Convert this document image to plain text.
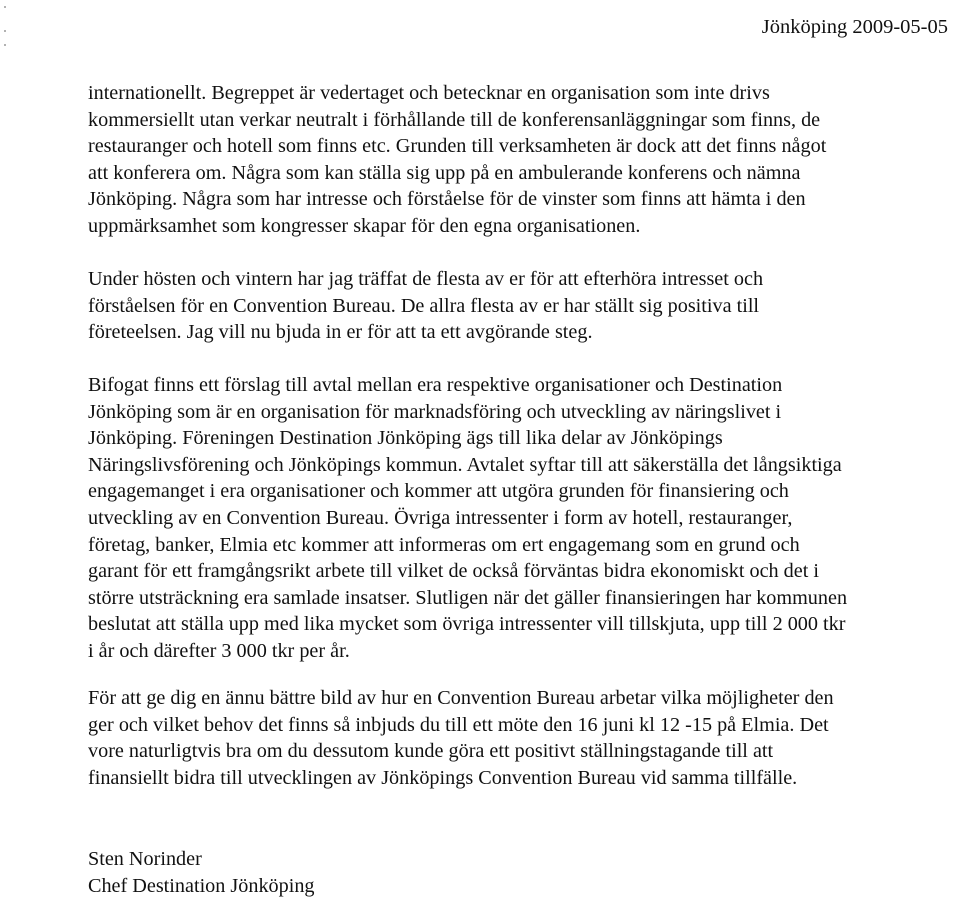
Jönköping 2009-05-05
internationellt. Begreppet är vedertaget och betecknar en organisation som inte drivs
kommersiellt utan verkar neutralt i förhållande till de konferensanläggningar som finns, de
restauranger och hotell som finns etc. Grunden till verksamheten är dock att det finns något
att konferera om. Några som kan ställa sig upp på en ambulerande konferens och nämna
Jönköping. Några som har intresse och förståelse för de vinster som finns att hämta i den
uppmärksamhet som kongresser skapar för den egna organisationen.
Under hösten och vintern har jag träffat de flesta av er för att efterhöra intresset och
förståelsen för en Convention Bureau. De allra flesta av er har ställt sig positiva till
företeelsen. Jag vill nu bjuda in er för att ta ett avgörande steg.
Bifogat finns ett förslag till avtal mellan era respektive organisationer och Destination
Jönköping som är en organisation för marknadsföring och utveckling av näringslivet i
Jönköping. Föreningen Destination Jönköping ägs till lika delar av Jönköpings
Näringslivsförening och Jönköpings kommun. Avtalet syftar till att säkerställa det långsiktiga
engagemanget i era organisationer och kommer att utgöra grunden för finansiering och
utveckling av en Convention Bureau. Övriga intressenter i form av hotell, restauranger,
företag, banker, Elmia etc kommer att informeras om ert engagemang som en grund och
garant för ett framgångsrikt arbete till vilket de också förväntas bidra ekonomiskt och det i
större utsträckning era samlade insatser. Slutligen när det gäller finansieringen har kommunen
beslutat att ställa upp med lika mycket som övriga intressenter vill tillskjuta, upp till 2 000 tkr
i år och därefter 3 000 tkr per år.
För att ge dig en ännu bättre bild av hur en Convention Bureau arbetar vilka möjligheter den
ger och vilket behov det finns så inbjuds du till ett möte den 16 juni kl 12 -15 på Elmia. Det
vore naturligtvis bra om du dessutom kunde göra ett positivt ställningstagande till att
finansiellt bidra till utvecklingen av Jönköpings Convention Bureau vid samma tillfälle.
Sten Norinder
Chef Destination Jönköping
